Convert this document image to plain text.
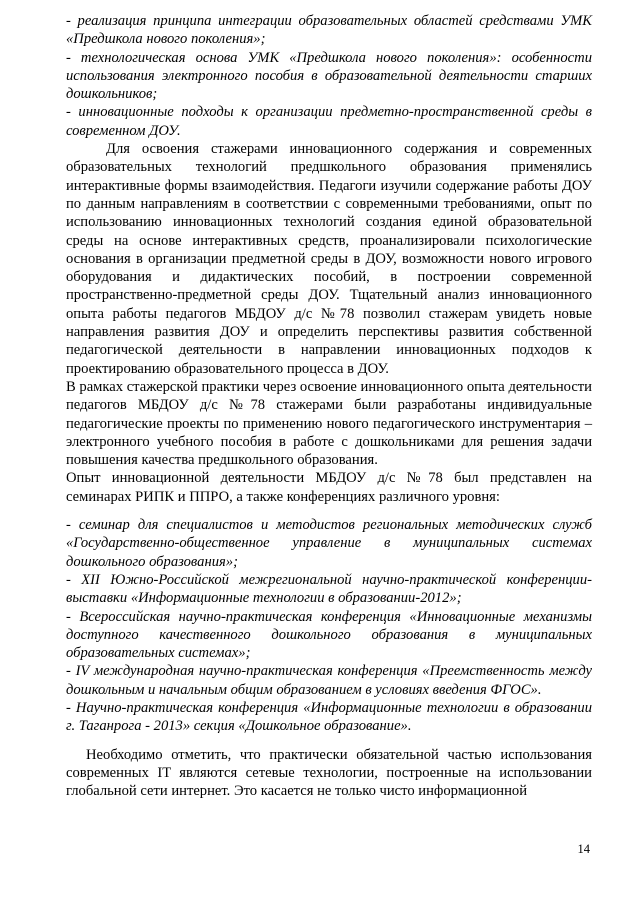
- реализация принципа интеграции образовательных областей средствами УМК «Предшкола нового поколения»;

- технологическая основа УМК «Предшкола нового поколения»: особенности использования электронного пособия в образовательной деятельности старших дошкольников;

- инновационные подходы к организации предметно-пространственной среды в современном ДОУ.

Для освоения стажерами инновационного содержания и современных образовательных технологий предшкольного образования применялись интерактивные формы взаимодействия. Педагоги изучили содержание работы ДОУ по данным направлениям в соответствии с современными требованиями, опыт по использованию инновационных технологий создания единой образовательной среды на основе интерактивных средств, проанализировали психологические основания в организации предметной среды в ДОУ, возможности нового игрового оборудования и дидактических пособий, в построении современной пространственно-предметной среды ДОУ. Тщательный анализ инновационного опыта работы педагогов МБДОУ д/с №78 позволил стажерам увидеть новые направления развития ДОУ и определить перспективы развития собственной педагогической деятельности в направлении инновационных подходов к проектированию образовательного процесса в ДОУ.

В рамках стажерской практики через освоение инновационного опыта деятельности педагогов МБДОУ д/с №78 стажерами были разработаны индивидуальные педагогические проекты по применению нового педагогического инструментария – электронного учебного пособия в работе с дошкольниками для решения задачи повышения качества предшкольного образования.

Опыт инновационной деятельности МБДОУ д/с №78 был представлен на семинарах РИПК и ППРО, а также конференциях различного уровня:

- семинар для специалистов и методистов региональных методических служб «Государственно-общественное управление в муниципальных системах дошкольного образования»;

- XII Южно-Российской межрегиональной научно-практической конференции-выставки «Информационные технологии в образовании-2012»;

- Всероссийская научно-практическая конференция «Инновационные механизмы доступного качественного дошкольного образования в муниципальных образовательных системах»;

- IV международная научно-практическая конференция «Преемственность между дошкольным и начальным общим образованием в условиях введения ФГОС».

- Научно-практическая конференция «Информационные технологии в образовании г. Таганрога - 2013» секция «Дошкольное образование».

Необходимо отметить, что практически обязательной частью использования современных IT являются сетевые технологии, построенные на использовании глобальной сети интернет. Это касается не только чисто информационной

14
